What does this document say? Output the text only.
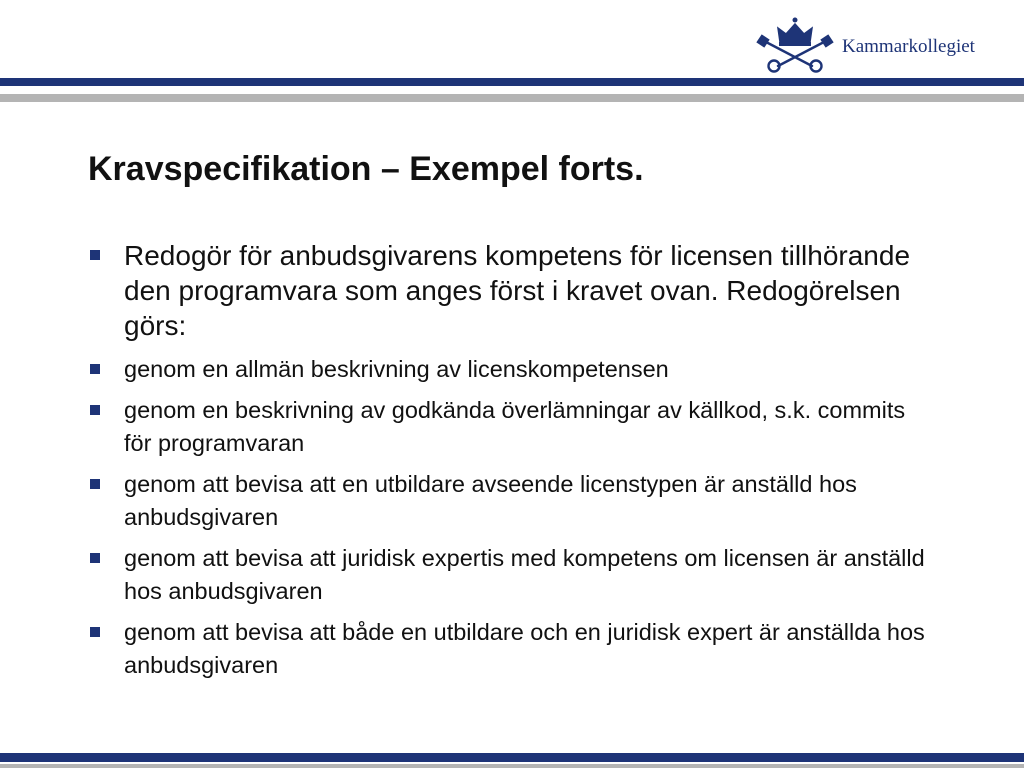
Kammarkollegiet
Kravspecifikation – Exempel forts.
Redogör för anbudsgivarens kompetens för licensen tillhörande den programvara som anges först i kravet ovan. Redogörelsen görs:
genom en allmän beskrivning av licenskompetensen
genom en beskrivning av godkända överlämningar av källkod, s.k. commits för programvaran
genom att bevisa att en utbildare avseende licenstypen är anställd hos anbudsgivaren
genom att bevisa att juridisk expertis med kompetens om licensen är anställd hos anbudsgivaren
genom att bevisa att både en utbildare och en juridisk expert är anställda hos anbudsgivaren
